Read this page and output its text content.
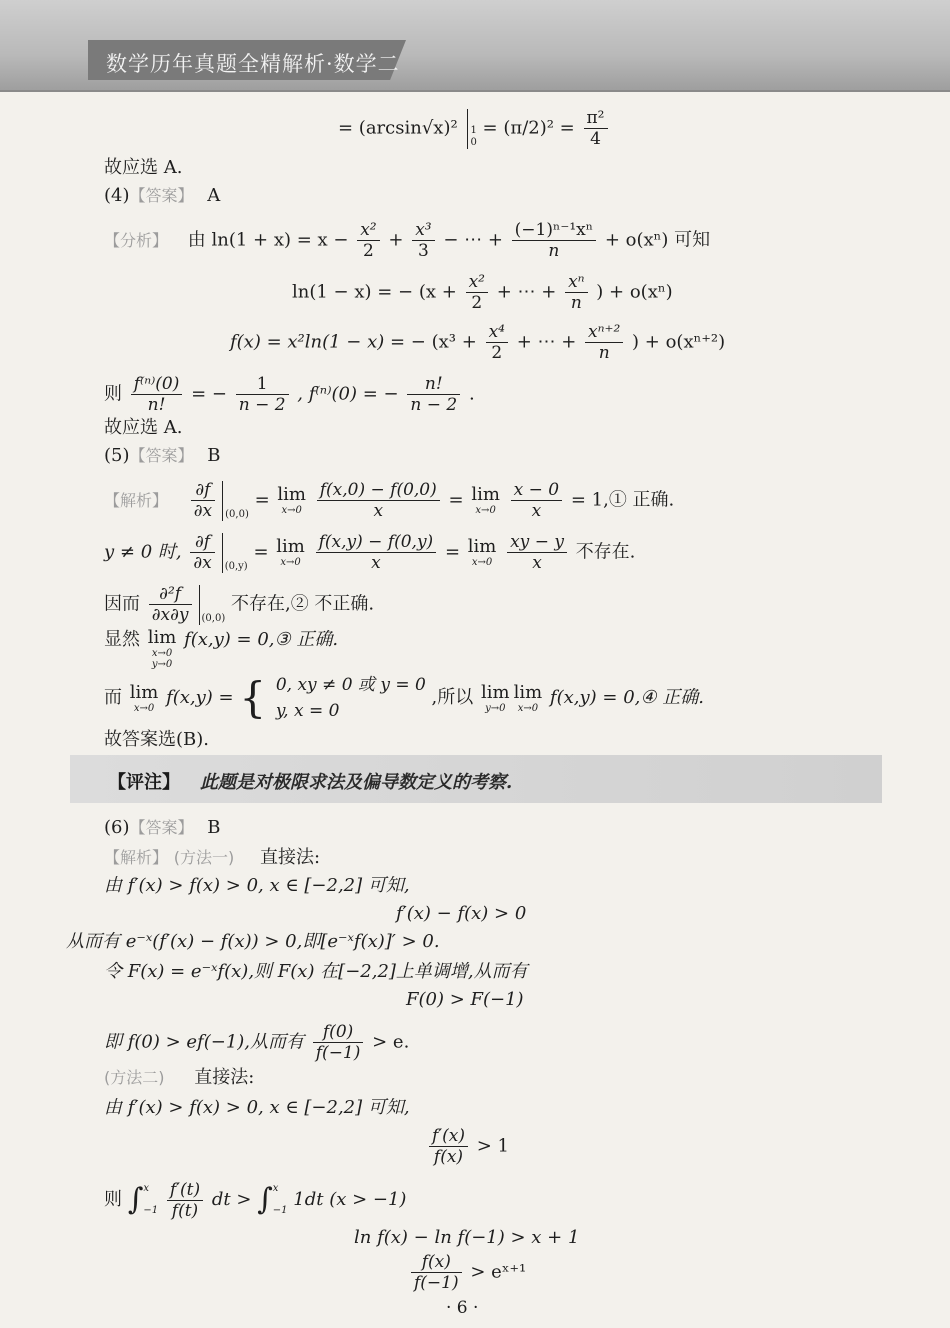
数学历年真题全精解析·数学二
= (arcsin√x)² 1
0
= $(\pi/2)^2 = \frac{\text{π²}}{4}$
故应选 A.
(4)【答案】 A
【分析】 由 $\ln(1 + x) = x - \frac{\text{x²}}{2} + \frac{\text{x³}}{3}$ − ⋯ + $\frac{\text{(−1)ⁿ⁻¹xⁿ}}{n} + o(x^n)$ 可知
ln(1 − x) = − ($x + \frac{\text{x²}}{2}$ + ⋯ + $\frac{\text{xⁿ}}{n}$ ) + o(xⁿ)
f(x) = x²ln(1 − x) = − ($x^3 + \frac{\text{x⁴}}{2}$ + ⋯ + $\frac{\text{xⁿ⁺²}}{n}$ ) + o(xⁿ⁺²)
则 $\frac{\text{f⁽ⁿ⁾(0)}}{n!}$ = − $\frac{1}{n - 2}$ , f⁽ⁿ⁾(0) = − $\frac{n!}{n - 2}$ .
故应选 A.
(5)【答案】 B
【解析】 $\frac{\partial f}{\partial x} (0,0) = \lim$
x→0
$\frac{f(x,0) - f(0,0)}{x} = \lim$
x→0
$\frac{x - 0}{x}$ = 1,① 正确.
y ≠ 0 时, $\frac{\partial f}{\partial x} (0,y) = \lim$
x→0
$\frac{f(x,y) - f(0,y)}{x} = \lim$
x→0
$\frac{xy - y}{x}$ 不存在.
因而 $\frac{\text{∂²f}}{\partial x\partial y} (0,0)$ 不存在,② 不正确.
显然 lim
x→0
y→0
f(x,y) = 0,③ 正确.
而 lim
x→0 f(x,y) = { 0, xy ≠ 0 或 y = 0
y, x = 0
,所以 lim
y→0
lim
x→0 f(x,y) = 0,④ 正确.
故答案选(B).
【评注】 此题是对极限求法及偏导数定义的考察.
(6)【答案】 B
【解析】 (方法一) 直接法:
由 f′(x) > f(x) > 0, x ∈ [−2,2] 可知,
f′(x) − f(x) > 0
从而有 e⁻ˣ(f′(x) − f(x)) > 0,即[e⁻ˣf(x)]′ > 0.
令 F(x) = e⁻ˣf(x),则 F(x) 在[−2,2]上单调增,从而有
F(0) > F(−1)
即 f(0) > ef(−1),从而有 $\frac{f(0)}{f(-1)} > e$.
(方法二) 直接法:
由 f′(x) > f(x) > 0, x ∈ [−2,2] 可知,
$\frac{f'(x)}{f(x)} > 1$
则 ∫ x
−1
$\frac{f'(t)}{f(t)}$ dt > ∫ x
−1
1dt (x > −1)
ln f(x) − ln f(−1) > x + 1
$\frac{f(x)}{f(-1)}$ > eˣ⁺¹
· 6 ·
